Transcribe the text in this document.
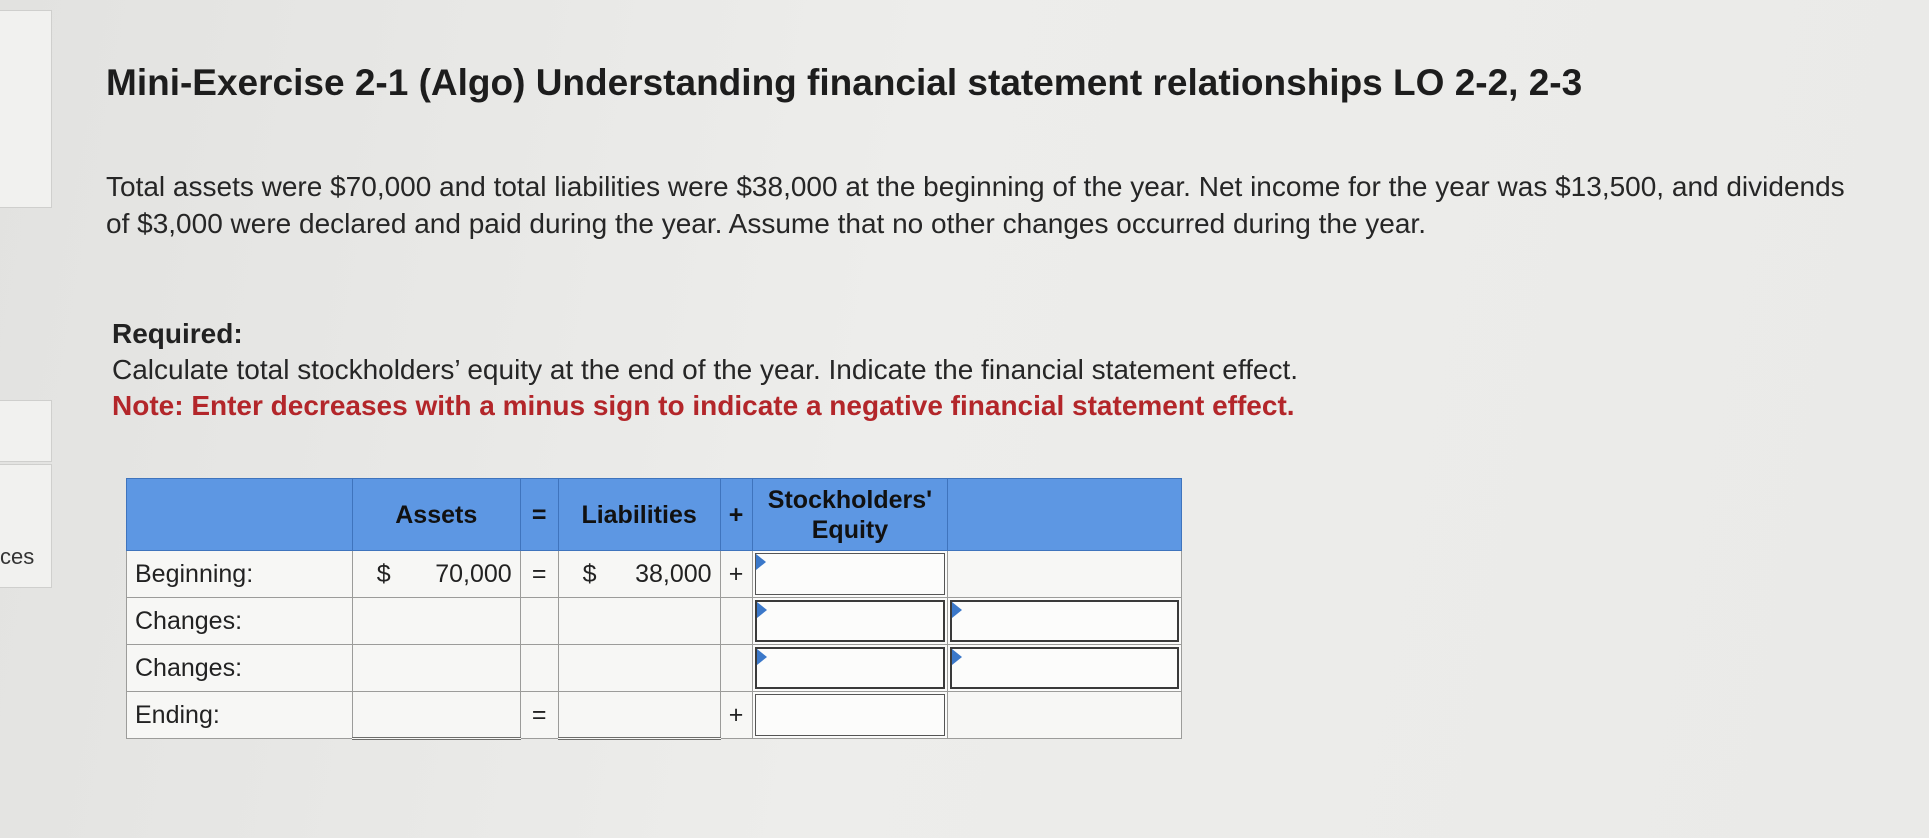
ces
Mini-Exercise 2-1 (Algo) Understanding financial statement relationships LO 2-2, 2-3

Total assets were $70,000 and total liabilities were $38,000 at the beginning of the year. Net income for the year was $13,500, and dividends of $3,000 were declared and paid during the year. Assume that no other changes occurred during the year.

Required:
Calculate total stockholders’ equity at the end of the year. Indicate the financial statement effect.
Note: Enter decreases with a minus sign to indicate a negative financial statement effect.
	Assets	=	Liabilities	+	Stockholders' Equity	
Beginning:	$ 70,000	=	$ 38,000	+	

Changes:					

Changes:					

Ending:		=		+	
